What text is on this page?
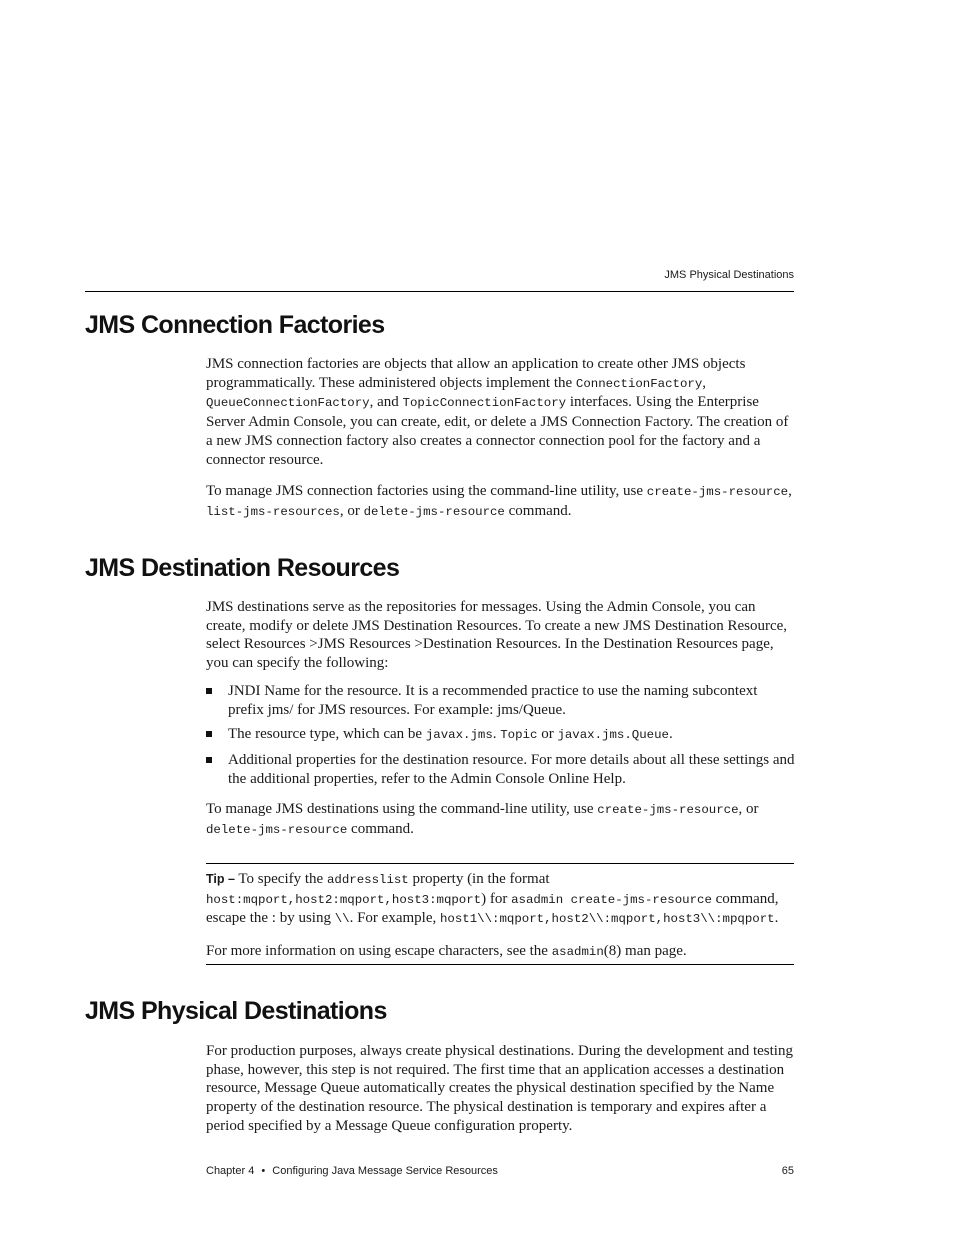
JMS Physical Destinations
JMS Connection Factories

JMS connection factories are objects that allow an application to create other JMS objects programmatically. These administered objects implement the ConnectionFactory, QueueConnectionFactory, and TopicConnectionFactory interfaces. Using the Enterprise Server Admin Console, you can create, edit, or delete a JMS Connection Factory. The creation of a new JMS connection factory also creates a connector connection pool for the factory and a connector resource.

To manage JMS connection factories using the command-line utility, use create-jms-resource, list-jms-resources, or delete-jms-resource command.

JMS Destination Resources

JMS destinations serve as the repositories for messages. Using the Admin Console, you can create, modify or delete JMS Destination Resources. To create a new JMS Destination Resource, select Resources >JMS Resources >Destination Resources. In the Destination Resources page, you can specify the following:

JNDI Name for the resource. It is a recommended practice to use the naming subcontext prefix jms/ for JMS resources. For example: jms/Queue.
The resource type, which can be javax.jms. Topic or javax.jms.Queue.
Additional properties for the destination resource. For more details about all these settings and the additional properties, refer to the Admin Console Online Help.

To manage JMS destinations using the command-line utility, use create-jms-resource, or delete-jms-resource command.

Tip – To specify the addresslist property (in the format host:mqport,host2:mqport,host3:mqport) for asadmin create-jms-resource command, escape the : by using \\. For example, host1\\:mqport,host2\\:mqport,host3\\:mpqport.

For more information on using escape characters, see the asadmin(8) man page.

JMS Physical Destinations

For production purposes, always create physical destinations. During the development and testing phase, however, this step is not required. The first time that an application accesses a destination resource, Message Queue automatically creates the physical destination specified by the Name property of the destination resource. The physical destination is temporary and expires after a period specified by a Message Queue configuration property.

Chapter 4 • Configuring Java Message Service Resources	65
